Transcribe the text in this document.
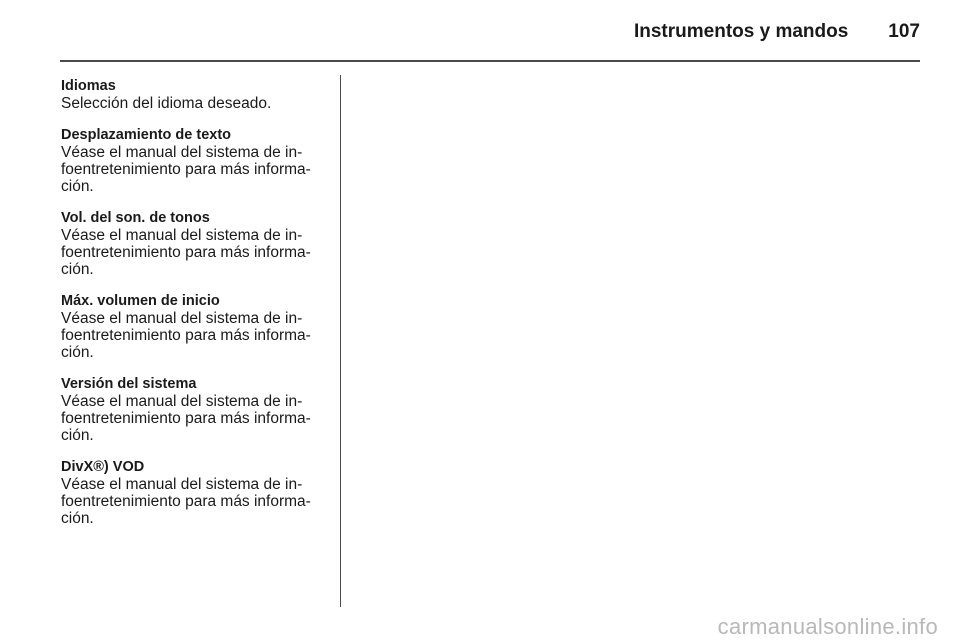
Instrumentos y mandos 107
Idiomas
Selección del idioma deseado.
Desplazamiento de texto
Véase el manual del sistema de in-
foentretenimiento para más informa-
ción.
Vol. del son. de tonos
Véase el manual del sistema de in-
foentretenimiento para más informa-
ción.
Máx. volumen de inicio
Véase el manual del sistema de in-
foentretenimiento para más informa-
ción.
Versión del sistema
Véase el manual del sistema de in-
foentretenimiento para más informa-
ción.
DivX®) VOD
Véase el manual del sistema de in-
foentretenimiento para más informa-
ción.
carmanualsonline.info
